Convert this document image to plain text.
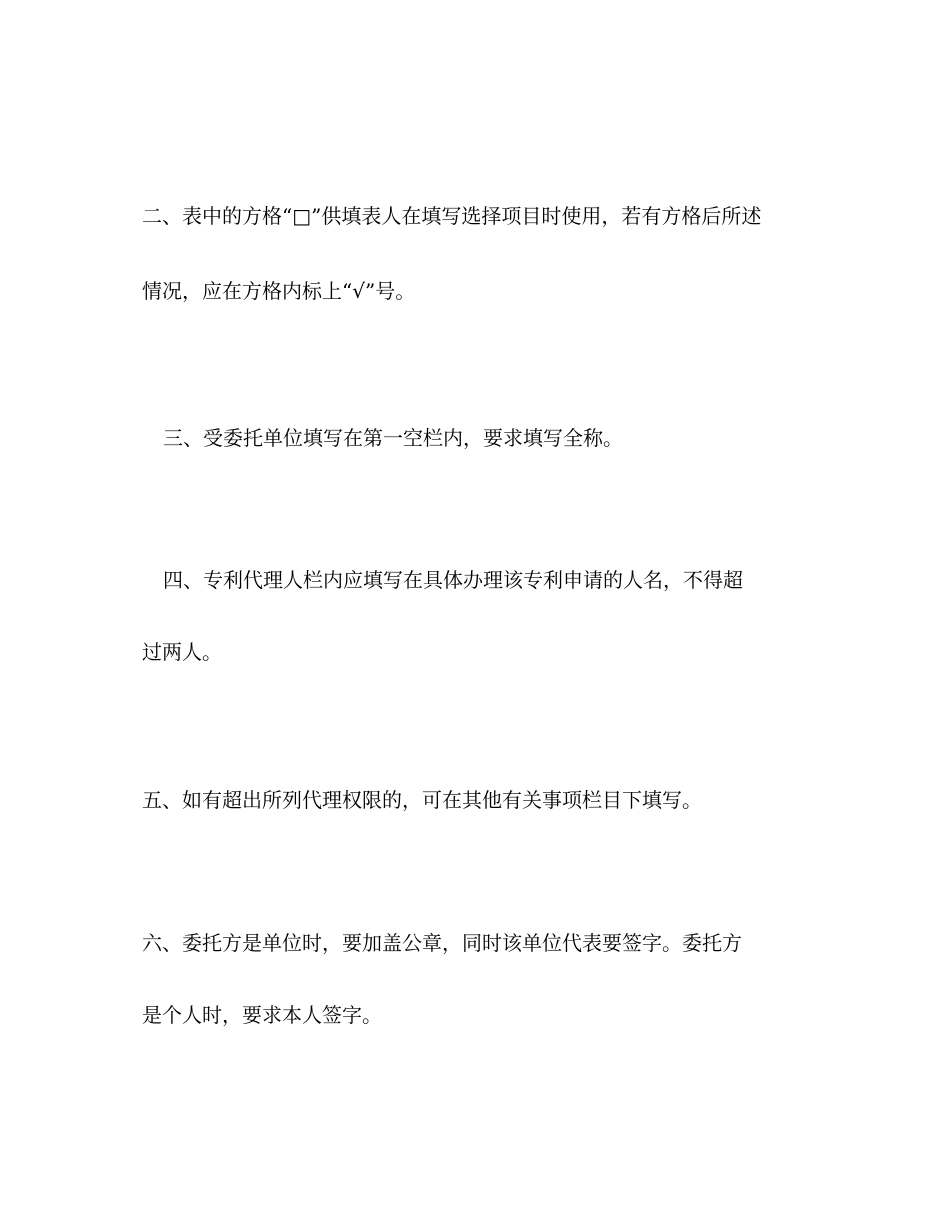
二、表中的方格“□”供填表人在填写选择项目时使用，若有方格后所述
情况，应在方格内标上“√”号。
三、受委托单位填写在第一空栏内，要求填写全称。
四、专利代理人栏内应填写在具体办理该专利申请的人名，不得超
过两人。
五、如有超出所列代理权限的，可在其他有关事项栏目下填写。
六、委托方是单位时，要加盖公章，同时该单位代表要签字。委托方
是个人时，要求本人签字。
